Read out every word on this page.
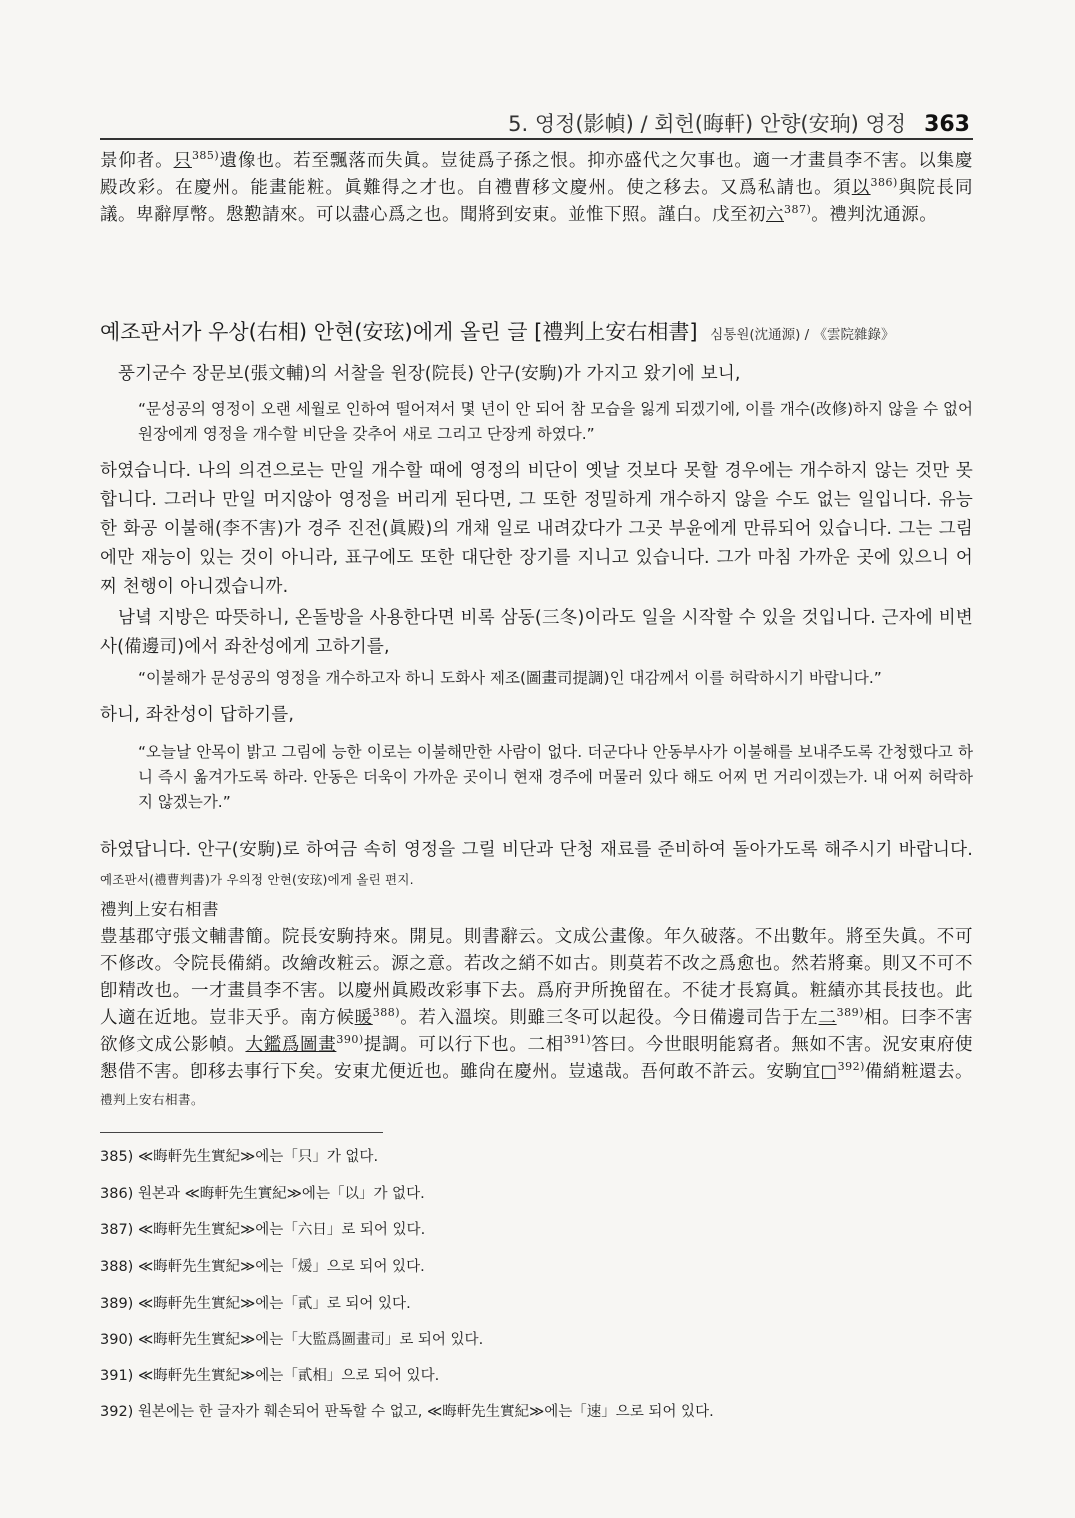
5. 영정(影幀) / 회헌(晦軒) 안향(安珦) 영정 363
景仰者。只$^{385)}$遺像也。若至飄落而失眞。豈徒爲子孫之恨。抑亦盛代之欠事也。適一才畫員李不害。以集慶殿改彩。在慶州。能畫能粧。眞難得之才也。自禮曹移文慶州。使之移去。又爲私請也。須以$^{386)}$與院長同議。卑辭厚幣。慇懃請來。可以盡心爲之也。聞將到安東。並惟下照。謹白。戊至初六$^{387)}$。禮判沈通源。
예조판서가 우상(右相) 안현(安玹)에게 올린 글 [禮判上安右相書] 심통원(沈通源) / 《雲院雜錄》
풍기군수 장문보(張文輔)의 서찰을 원장(院長) 안구(安駒)가 가지고 왔기에 보니,
“문성공의 영정이 오랜 세월로 인하여 떨어져서 몇 년이 안 되어 참 모습을 잃게 되겠기에, 이를 개수(改修)하지 않을 수 없어 원장에게 영정을 개수할 비단을 갖추어 새로 그리고 단장케 하였다.”
하였습니다. 나의 의견으로는 만일 개수할 때에 영정의 비단이 옛날 것보다 못할 경우에는 개수하지 않는 것만 못합니다. 그러나 만일 머지않아 영정을 버리게 된다면, 그 또한 정밀하게 개수하지 않을 수도 없는 일입니다. 유능한 화공 이불해(李不害)가 경주 진전(眞殿)의 개채 일로 내려갔다가 그곳 부윤에게 만류되어 있습니다. 그는 그림에만 재능이 있는 것이 아니라, 표구에도 또한 대단한 장기를 지니고 있습니다. 그가 마침 가까운 곳에 있으니 어찌 천행이 아니겠습니까.
남녘 지방은 따뜻하니, 온돌방을 사용한다면 비록 삼동(三冬)이라도 일을 시작할 수 있을 것입니다. 근자에 비변사(備邊司)에서 좌찬성에게 고하기를,
“이불해가 문성공의 영정을 개수하고자 하니 도화사 제조(圖畫司提調)인 대감께서 이를 허락하시기 바랍니다.”
하니, 좌찬성이 답하기를,
“오늘날 안목이 밝고 그림에 능한 이로는 이불해만한 사람이 없다. 더군다나 안동부사가 이불해를 보내주도록 간청했다고 하니 즉시 옮겨가도록 하라. 안동은 더욱이 가까운 곳이니 현재 경주에 머물러 있다 해도 어찌 먼 거리이겠는가. 내 어찌 허락하지 않겠는가.”
하였답니다. 안구(安駒)로 하여금 속히 영정을 그릴 비단과 단청 재료를 준비하여 돌아가도록 해주시기 바랍니다. 예조판서(禮曹判書)가 우의정 안현(安玹)에게 올린 편지.
禮判上安右相書
豊基郡守張文輔書簡。院長安駒持來。開見。則書辭云。文成公畫像。年久破落。不出數年。將至失眞。不可不修改。令院長備綃。改繪改粧云。源之意。若改之綃不如古。則莫若不改之爲愈也。然若將棄。則又不可不卽精改也。一才畫員李不害。以慶州眞殿改彩事下去。爲府尹所挽留在。不徒才長寫眞。粧績亦其長技也。此人適在近地。豈非天乎。南方候暖$^{388)}$。若入溫堗。則雖三冬可以起役。今日備邊司告于左二$^{389)}$相。曰李不害欲修文成公影幀。大鑑爲圖畫$^{390)}$提調。可以行下也。二相$^{391)}$答曰。今世眼明能寫者。無如不害。況安東府使懇借不害。卽移去事行下矣。安東尤便近也。雖尙在慶州。豈遠哉。吾何敢不許云。安駒宜□$^{392)}$備綃粧還去。禮判上安右相書。
385) ≪晦軒先生實紀≫에는「只」가 없다.
386) 원본과 ≪晦軒先生實紀≫에는「以」가 없다.
387) ≪晦軒先生實紀≫에는「六日」로 되어 있다.
388) ≪晦軒先生實紀≫에는「煖」으로 되어 있다.
389) ≪晦軒先生實紀≫에는「貳」로 되어 있다.
390) ≪晦軒先生實紀≫에는「大監爲圖畫司」로 되어 있다.
391) ≪晦軒先生實紀≫에는「貳相」으로 되어 있다.
392) 원본에는 한 글자가 훼손되어 판독할 수 없고, ≪晦軒先生實紀≫에는「速」으로 되어 있다.
